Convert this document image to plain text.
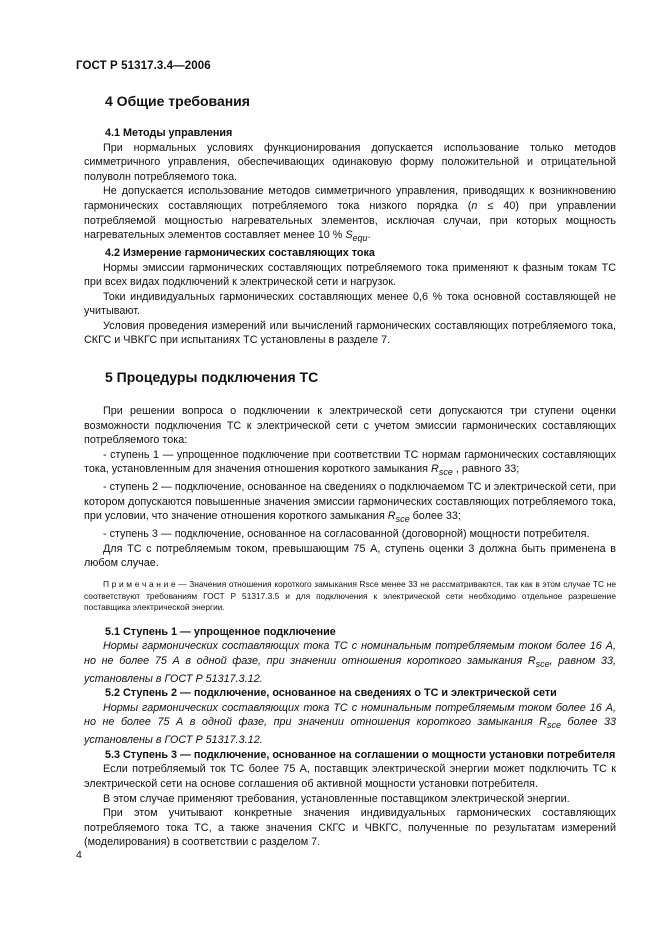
ГОСТ Р 51317.3.4—2006

4 Общие требования

4.1 Методы управления

При нормальных условиях функционирования допускается использование только методов симметричного управления, обеспечивающих одинаковую форму положительной и отрицательной полуволн потребляемого тока.

Не допускается использование методов симметричного управления, приводящих к возникновению гармонических составляющих потребляемого тока низкого порядка (n ≤ 40) при управлении потребляемой мощностью нагревательных элементов, исключая случаи, при которых мощность нагревательных элементов составляет менее 10 % $S_{equ}$.

4.2 Измерение гармонических составляющих тока

Нормы эмиссии гармонических составляющих потребляемого тока применяют к фазным токам ТС при всех видах подключений к электрической сети и нагрузок.

Токи индивидуальных гармонических составляющих менее 0,6 % тока основной составляющей не учитывают.

Условия проведения измерений или вычислений гармонических составляющих потребляемого тока, СКГС и ЧВКГС при испытаниях ТС установлены в разделе 7.

5 Процедуры подключения ТС

При решении вопроса о подключении к электрической сети допускаются три ступени оценки возможности подключения ТС к электрической сети с учетом эмиссии гармонических составляющих потребляемого тока:

- ступень 1 — упрощенное подключение при соответствии ТС нормам гармонических составляющих тока, установленным для значения отношения короткого замыкания $R_{sce}$ , равного 33;

- ступень 2 — подключение, основанное на сведениях о подключаемом ТС и электрической сети, при котором допускаются повышенные значения эмиссии гармонических составляющих потребляемого тока, при условии, что значение отношения короткого замыкания $R_{sce}$ более 33;

- ступень 3 — подключение, основанное на согласованной (договорной) мощности потребителя.

Для ТС с потребляемым током, превышающим 75 А, ступень оценки 3 должна быть применена в любом случае.

П р и м е ч а н и е — Значения отношения короткого замыкания Rsce менее 33 не рассматриваются, так как в этом случае ТС не соответствуют требованиям ГОСТ Р 51317.3.5 и для подключения к электрической сети необходимо отдельное разрешение поставщика электрической энергии.

5.1 Ступень 1 — упрощенное подключение

Нормы гармонических составляющих тока ТС с номинальным потребляемым током более 16 А, но не более 75 А в одной фазе, при значении отношения короткого замыкания $R_{sce}$, равном 33, установлены в ГОСТ Р 51317.3.12.

5.2 Ступень 2 — подключение, основанное на сведениях о ТС и электрической сети

Нормы гармонических составляющих тока ТС с номинальным потребляемым током более 16 А, но не более 75 А в одной фазе, при значении отношения короткого замыкания $R_{sce}$ более 33 установлены в ГОСТ Р 51317.3.12.

5.3 Ступень 3 — подключение, основанное на соглашении о мощности установки потребителя

Если потребляемый ток ТС более 75 А, поставщик электрической энергии может подключить ТС к электрической сети на основе соглашения об активной мощности установки потребителя.

В этом случае применяют требования, установленные поставщиком электрической энергии.

При этом учитывают конкретные значения индивидуальных гармонических составляющих потребляемого тока ТС, а также значения СКГС и ЧВКГС, полученные по результатам измерений (моделирования) в соответствии с разделом 7.

4
